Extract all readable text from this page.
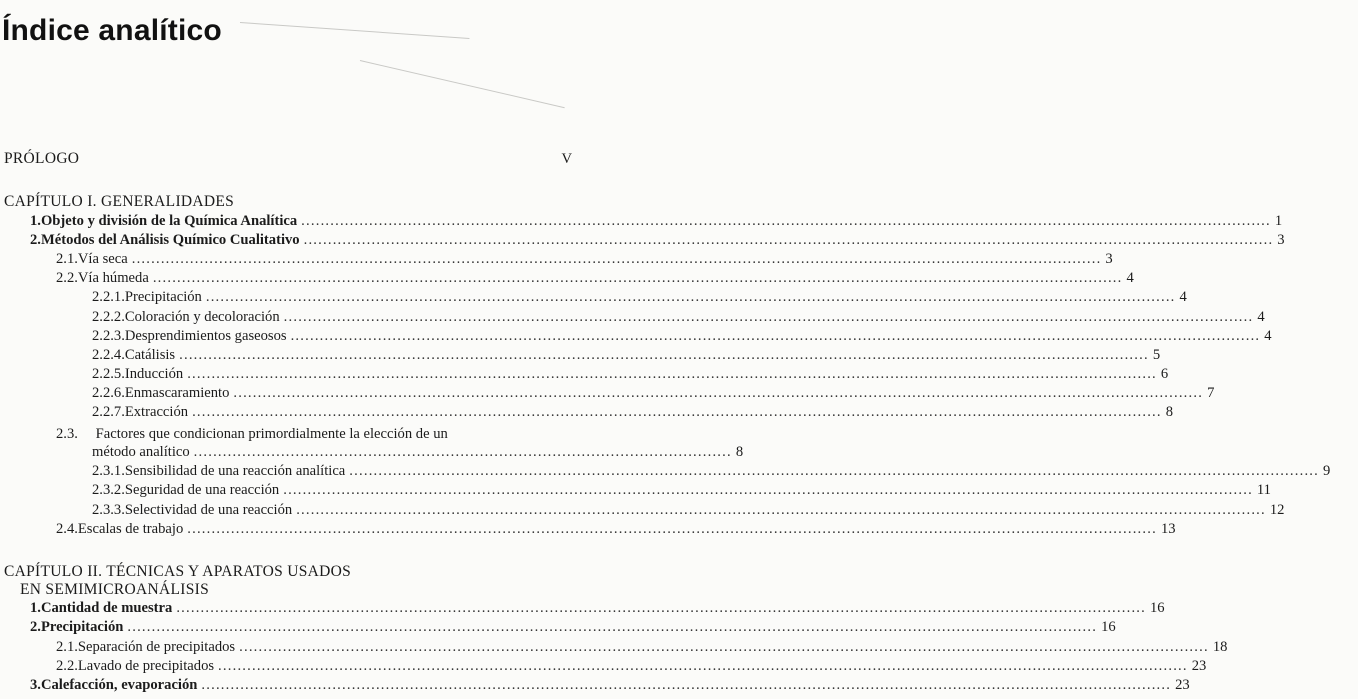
Índice analítico
PRÓLOGO	V
CAPÍTULO I. GENERALIDADES
1. Objeto y división de la Química Analítica ........................................................................................................................................................................................................ 1
2. Métodos del Análisis Químico Cualitativo ........................................................................................................................................................................................................ 3
2.1. Vía seca ........................................................................................................................................................................................................ 3
2.2. Vía húmeda ........................................................................................................................................................................................................ 4
2.2.1. Precipitación ........................................................................................................................................................................................................ 4
2.2.2. Coloración y decoloración ........................................................................................................................................................................................................ 4
2.2.3. Desprendimientos gaseosos ........................................................................................................................................................................................................ 4
2.2.4. Catálisis ........................................................................................................................................................................................................ 5
2.2.5. Inducción ........................................................................................................................................................................................................ 6
2.2.6. Enmascaramiento ........................................................................................................................................................................................................ 7
2.2.7. Extracción ........................................................................................................................................................................................................ 8
2.3. Factores que condicionan primordialmente la elección de un
método analítico ............................................................................................................... 8
2.3.1. Sensibilidad de una reacción analítica ........................................................................................................................................................................................................ 9
2.3.2. Seguridad de una reacción ........................................................................................................................................................................................................ 11
2.3.3. Selectividad de una reacción ........................................................................................................................................................................................................ 12
2.4. Escalas de trabajo ........................................................................................................................................................................................................ 13
CAPÍTULO II. TÉCNICAS Y APARATOS USADOS
EN SEMIMICROANÁLISIS
1. Cantidad de muestra ........................................................................................................................................................................................................ 16
2. Precipitación ........................................................................................................................................................................................................ 16
2.1. Separación de precipitados ........................................................................................................................................................................................................ 18
2.2. Lavado de precipitados ........................................................................................................................................................................................................ 23
3. Calefacción, evaporación ........................................................................................................................................................................................................ 23
